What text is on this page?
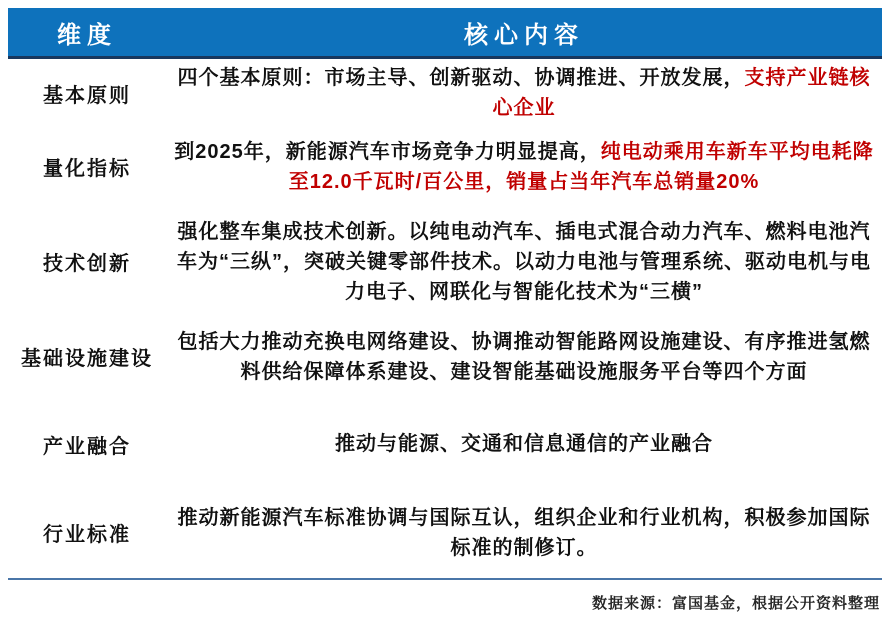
维度	核心内容
基本原则
四个基本原则：市场主导、创新驱动、协调推进、开放发展，支持产业链核心企业
量化指标
到2025年，新能源汽车市场竞争力明显提高，纯电动乘用车新车平均电耗降至12.0千瓦时/百公里，销量占当年汽车总销量20%
技术创新
强化整车集成技术创新。以纯电动汽车、插电式混合动力汽车、燃料电池汽车为“三纵”，突破关键零部件技术。以动力电池与管理系统、驱动电机与电力电子、网联化与智能化技术为“三横”
基础设施建设
包括大力推动充换电网络建设、协调推动智能路网设施建设、有序推进氢燃料供给保障体系建设、建设智能基础设施服务平台等四个方面
产业融合	推动与能源、交通和信息通信的产业融合
行业标准
推动新能源汽车标准协调与国际互认，组织企业和行业机构，积极参加国际标准的制修订。
数据来源：富国基金，根据公开资料整理
